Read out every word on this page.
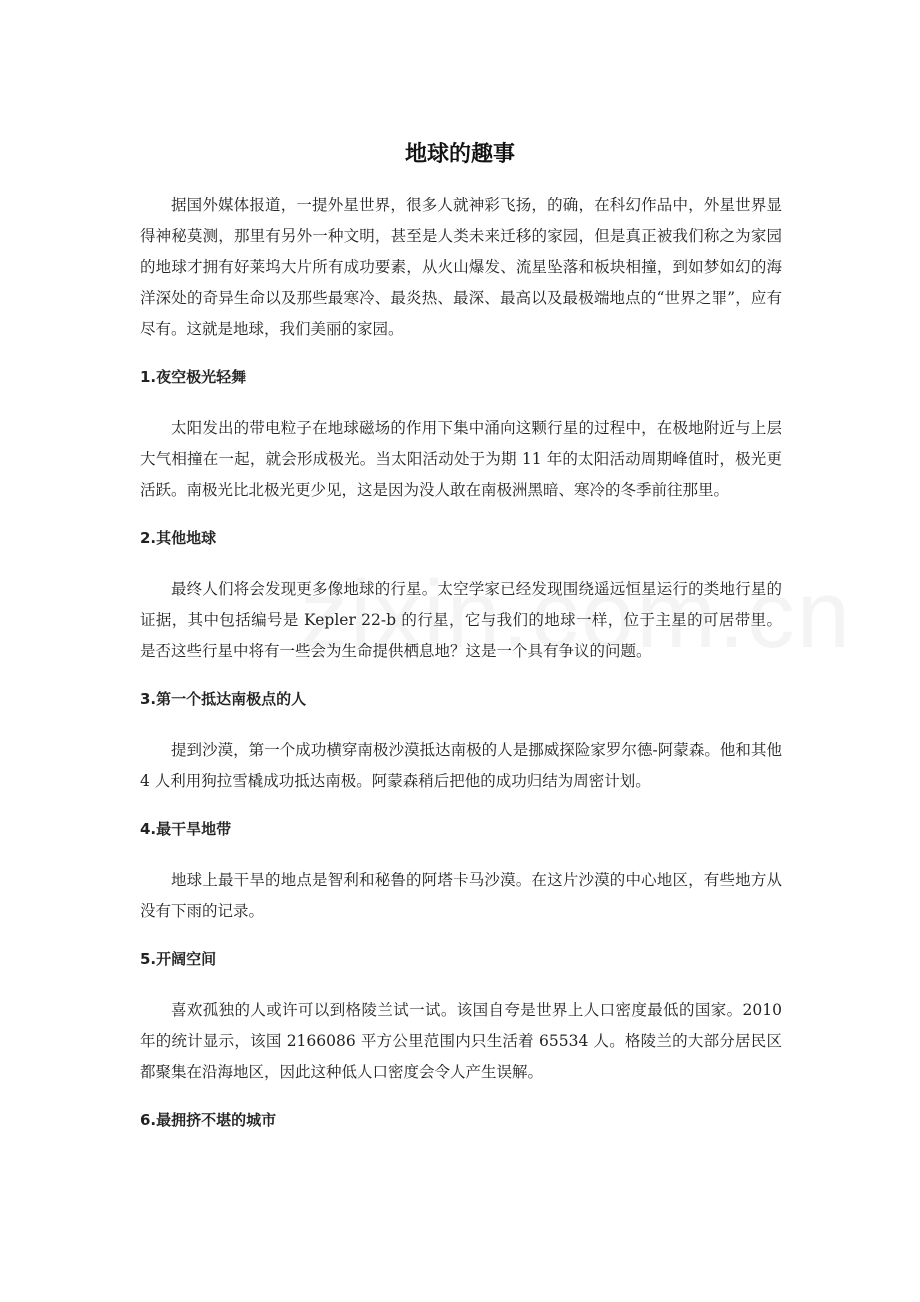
地球的趣事

据国外媒体报道，一提外星世界，很多人就神彩飞扬，的确，在科幻作品中，外星世界显得神秘莫测，那里有另外一种文明，甚至是人类未来迁移的家园，但是真正被我们称之为家园的地球才拥有好莱坞大片所有成功要素，从火山爆发、流星坠落和板块相撞，到如梦如幻的海洋深处的奇异生命以及那些最寒冷、最炎热、最深、最高以及最极端地点的“世界之罪”，应有尽有。这就是地球，我们美丽的家园。

1.夜空极光轻舞

太阳发出的带电粒子在地球磁场的作用下集中涌向这颗行星的过程中，在极地附近与上层大气相撞在一起，就会形成极光。当太阳活动处于为期 11 年的太阳活动周期峰值时，极光更活跃。南极光比北极光更少见，这是因为没人敢在南极洲黑暗、寒冷的冬季前往那里。

2.其他地球

最终人们将会发现更多像地球的行星。太空学家已经发现围绕遥远恒星运行的类地行星的证据，其中包括编号是 Kepler 22-b 的行星，它与我们的地球一样，位于主星的可居带里。是否这些行星中将有一些会为生命提供栖息地？这是一个具有争议的问题。

3.第一个抵达南极点的人

提到沙漠，第一个成功横穿南极沙漠抵达南极的人是挪威探险家罗尔德-阿蒙森。他和其他 4 人利用狗拉雪橇成功抵达南极。阿蒙森稍后把他的成功归结为周密计划。

4.最干旱地带

地球上最干旱的地点是智利和秘鲁的阿塔卡马沙漠。在这片沙漠的中心地区，有些地方从没有下雨的记录。

5.开阔空间

喜欢孤独的人或许可以到格陵兰试一试。该国自夸是世界上人口密度最低的国家。2010 年的统计显示，该国 2166086 平方公里范围内只生活着 65534 人。格陵兰的大部分居民区都聚集在沿海地区，因此这种低人口密度会令人产生误解。

6.最拥挤不堪的城市
